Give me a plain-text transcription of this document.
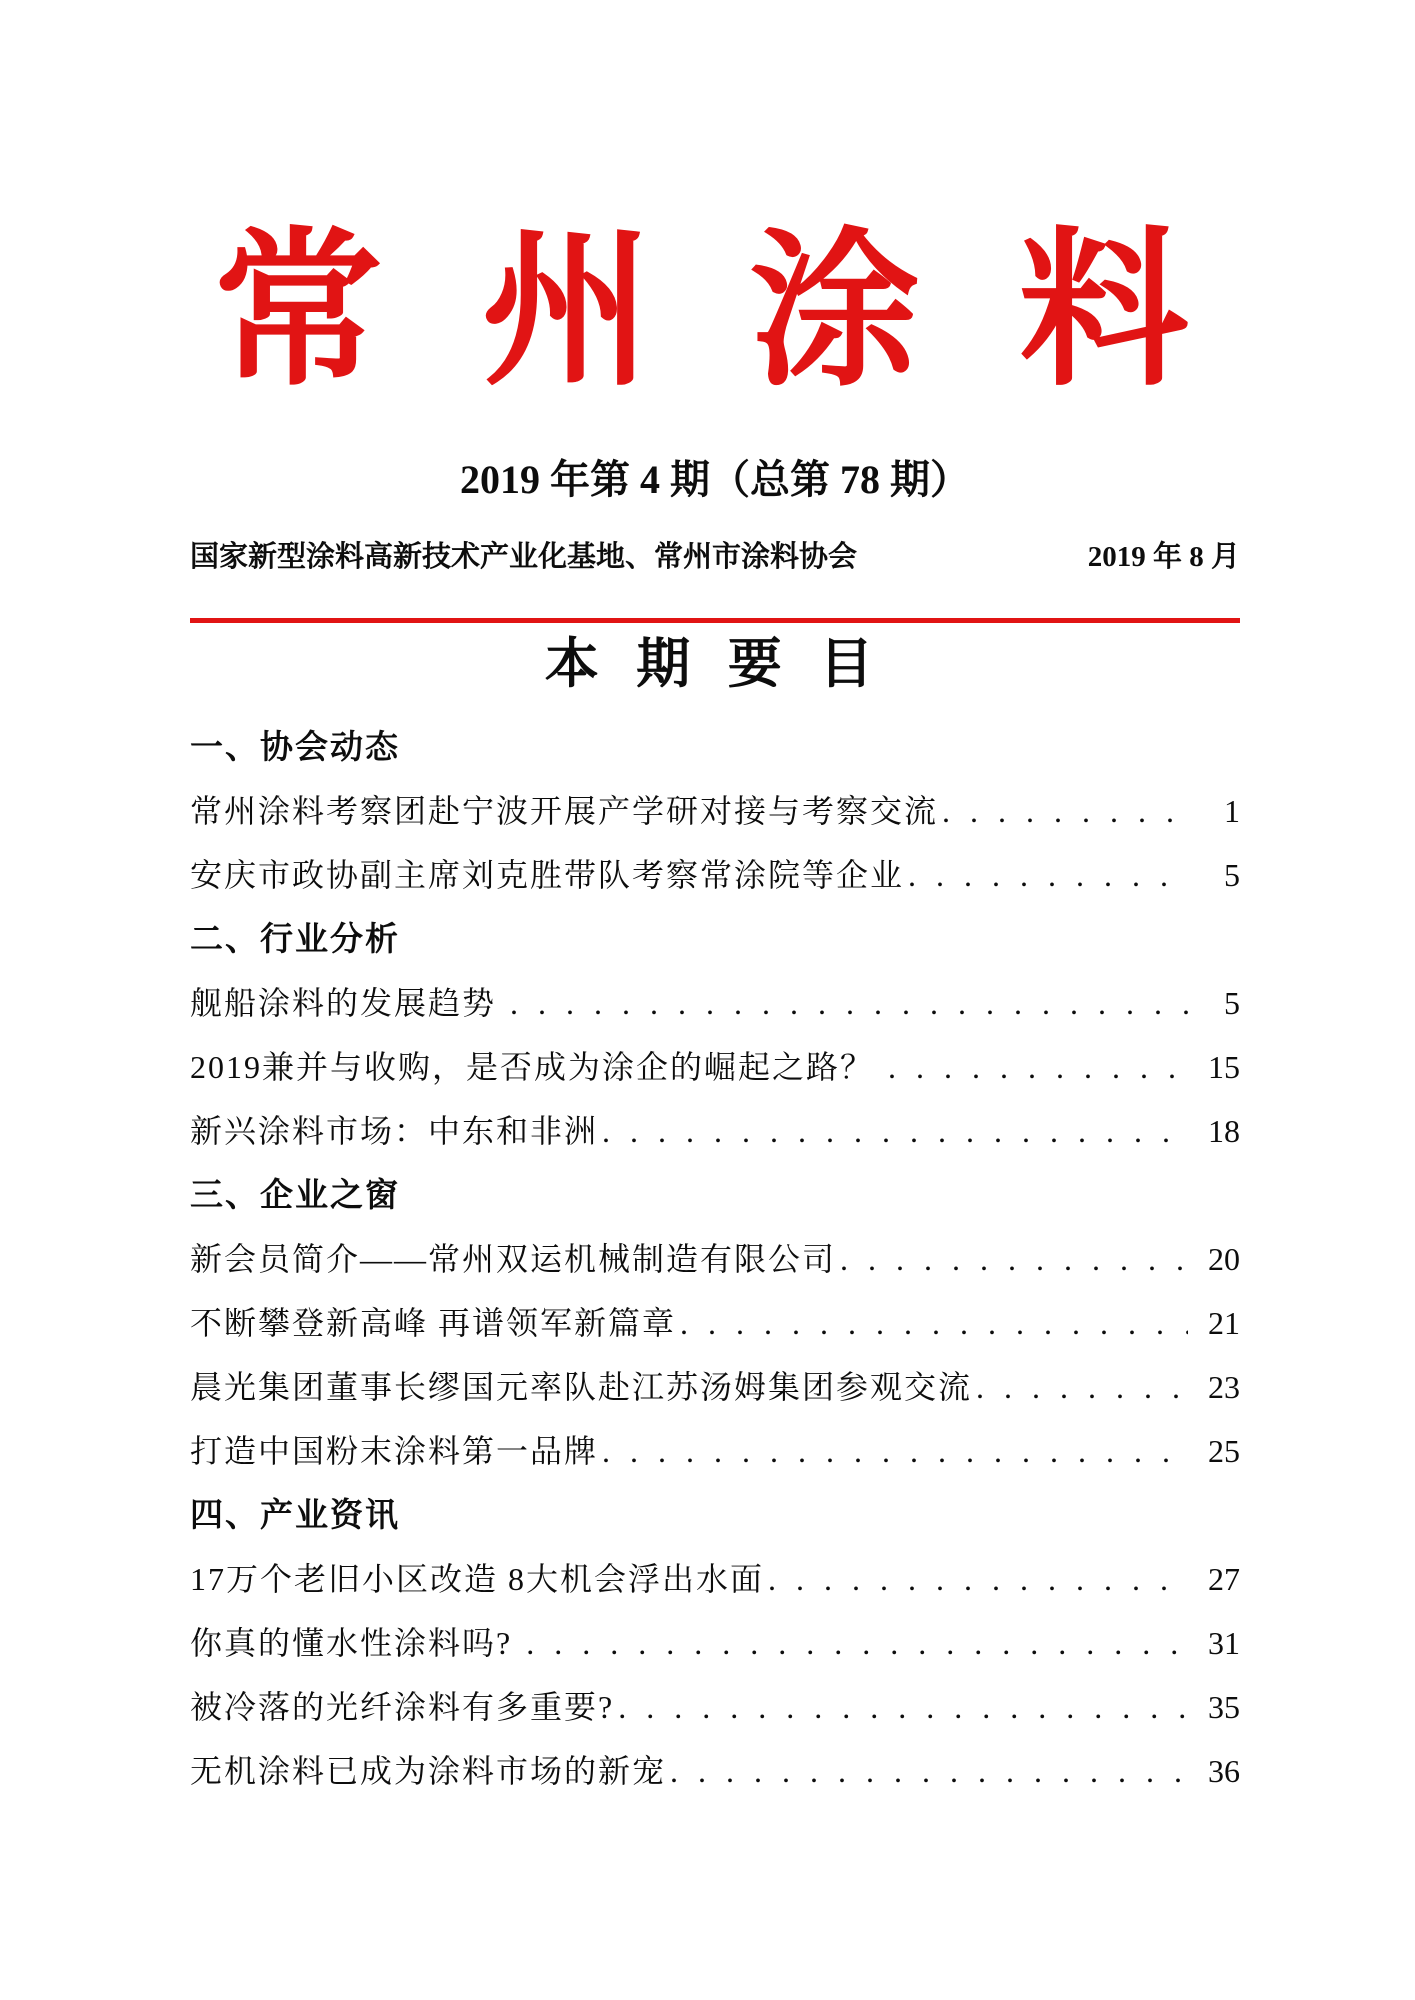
常 州 涂 料
2019 年第 4 期（总第 78 期）
国家新型涂料高新技术产业化基地、常州市涂料协会	2019 年 8 月
本 期 要 目
一、协会动态
常州涂料考察团赴宁波开展产学研对接与考察交流 .....	1
安庆市政协副主席刘克胜带队考察常涂院等企业 .....	5
二、行业分析
舰船涂料的发展趋势 .....	5
2019兼并与收购，是否成为涂企的崛起之路？ .....	15
新兴涂料市场：中东和非洲 .....	18
三、企业之窗
新会员简介——常州双运机械制造有限公司 .....	20
不断攀登新高峰 再谱领军新篇章 .....	21
晨光集团董事长缪国元率队赴江苏汤姆集团参观交流 .....	23
打造中国粉末涂料第一品牌 .....	25
四、产业资讯
17万个老旧小区改造 8大机会浮出水面 .....	27
你真的懂水性涂料吗? .....	31
被冷落的光纤涂料有多重要? .....	35
无机涂料已成为涂料市场的新宠 .....	36
